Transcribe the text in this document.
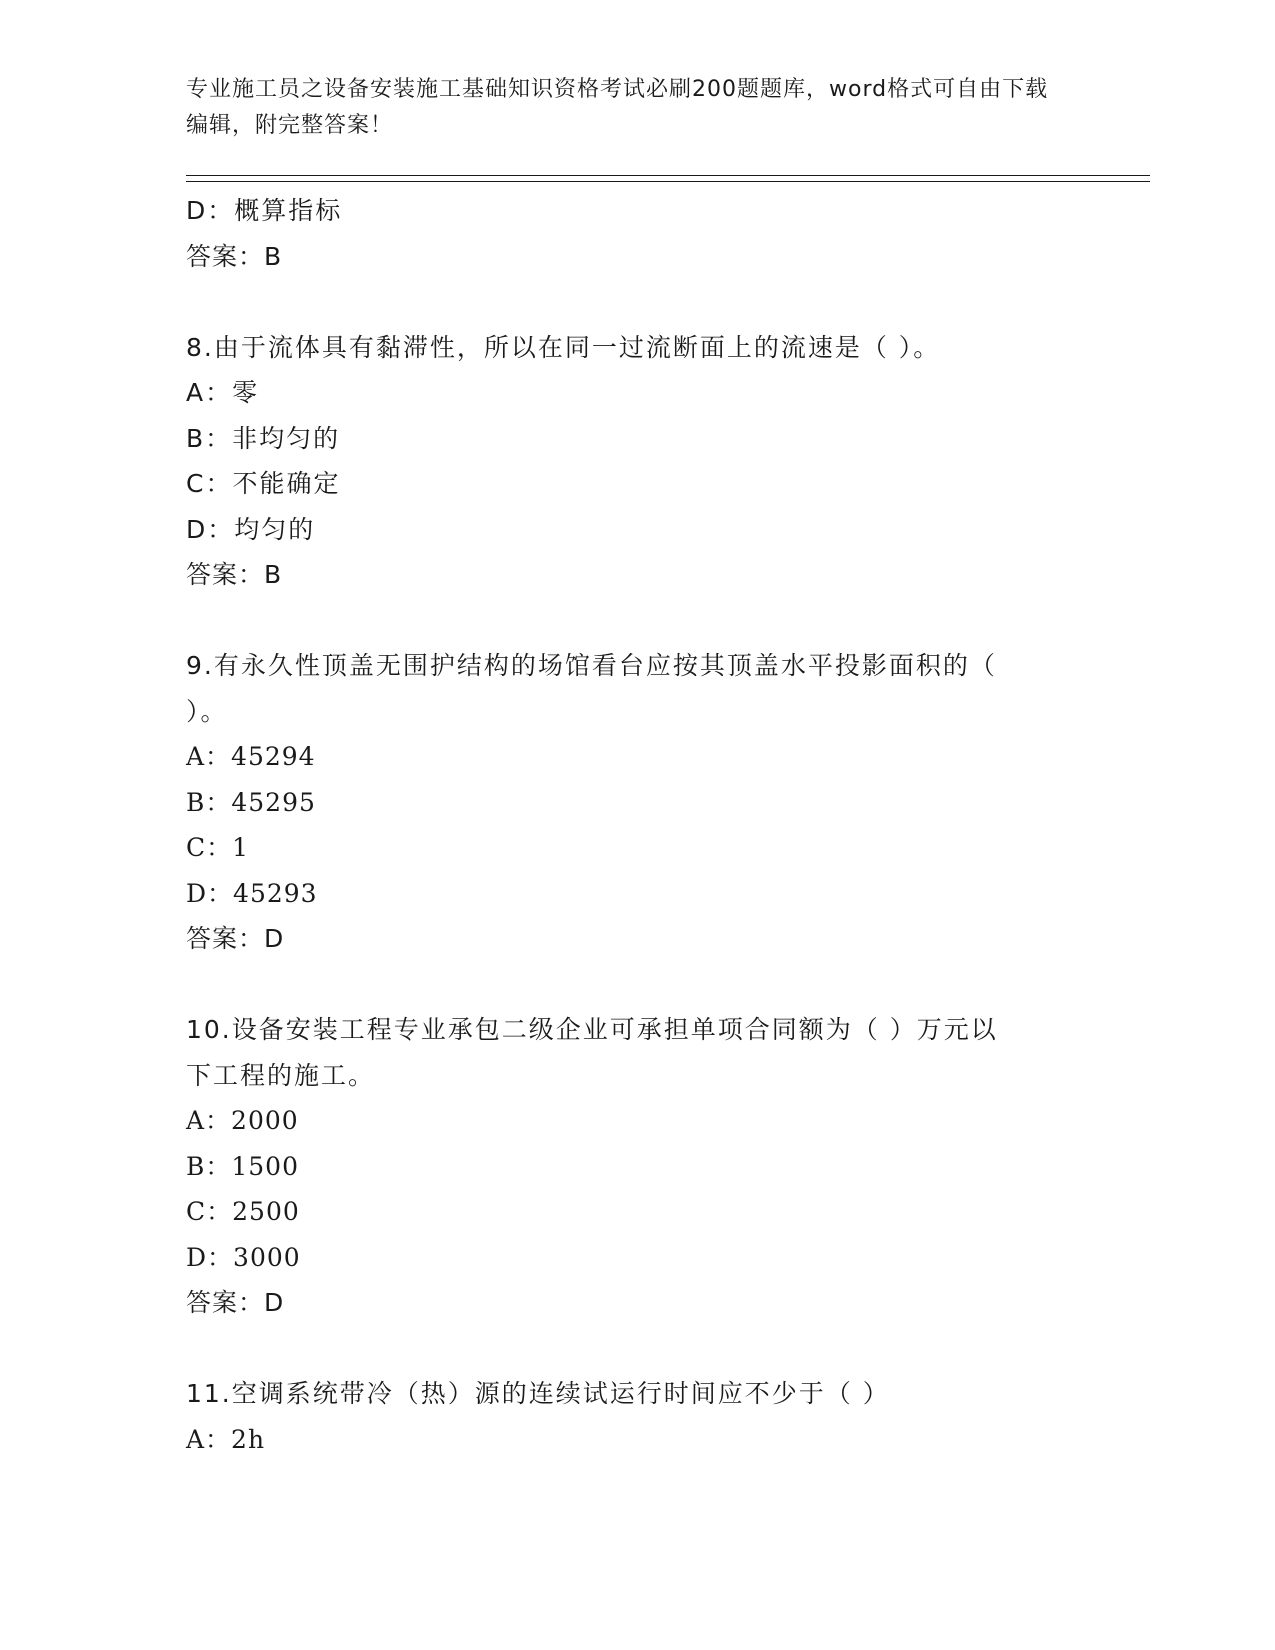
专业施工员之设备安装施工基础知识资格考试必刷200题题库，word格式可自由下载编辑，附完整答案！
D：概算指标
答案：B
8.由于流体具有黏滞性，所以在同一过流断面上的流速是（ ）。
A：零
B：非均匀的
C：不能确定
D：均匀的
答案：B
9.有永久性顶盖无围护结构的场馆看台应按其顶盖水平投影面积的（
）。
A：45294
B：45295
C：1
D：45293
答案：D
10.设备安装工程专业承包二级企业可承担单项合同额为（ ）万元以
下工程的施工。
A：2000
B：1500
C：2500
D：3000
答案：D
11.空调系统带冷（热）源的连续试运行时间应不少于（ ）
A：2h
